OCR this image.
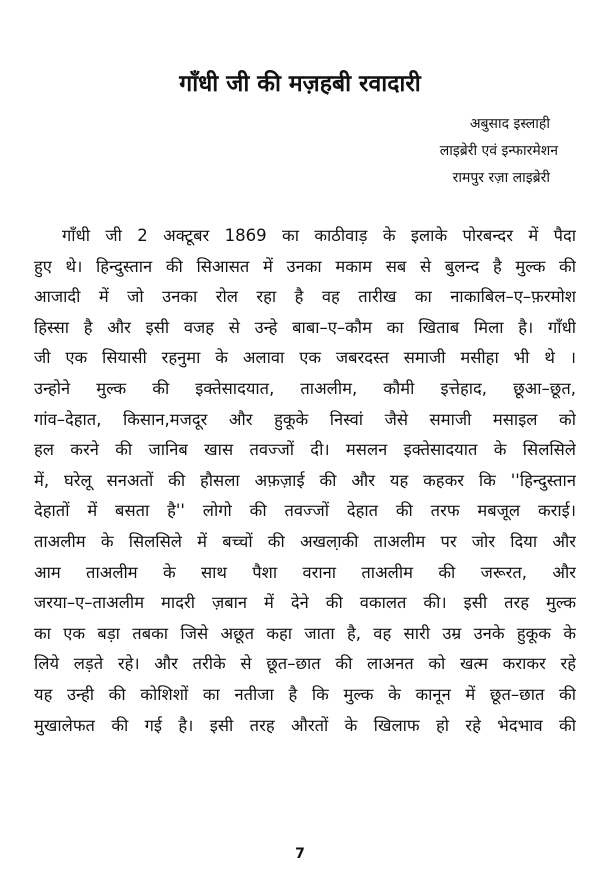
गाँधी जी की मज़हबी रवादारी
अबुसाद इस्लाही
लाइब्रेरी एवं इन्फारमेशन
रामपुर रज़ा लाइब्रेरी
गाँधी जी 2 अक्टूबर 1869 का काठीवाड़ के इलाके पोरबन्दर में पैदा
हुए थे। हिन्दुस्तान की सिआसत में उनका मकाम सब से बुलन्द है मुल्क की
आजादी में जो उनका रोल रहा है वह तारीख का नाकाबिल–ए–फ़रमोश
हिस्सा है और इसी वजह से उन्हे बाबा–ए–कौम का खिताब मिला है। गाँधी
जी एक सियासी रहनुमा के अलावा एक जबरदस्त समाजी मसीहा भी थे ।
उन्होने मुल्क की इक्तेसादयात, ताअलीम, कौमी इत्तेहाद, छूआ–छूत,
गांव–देहात, किसान,मजदूर और हुकूके निस्वां जैसे समाजी मसाइल को
हल करने की जानिब खास तवज्जों दी। मसलन इक्तेसादयात के सिलसिले
में, घरेलू सनअतों की हौसला अफ़ज़ाई की और यह कहकर कि ''हिन्दुस्तान
देहातों में बसता है'' लोगो की तवज्जों देहात की तरफ मबजूल कराई।
ताअलीम के सिलसिले में बच्चों की अखला़की ताअलीम पर जोर दिया और
आम ताअलीम के साथ पैशा वराना ताअलीम की जरूरत, और
जरया–ए–ताअलीम मादरी ज़बान में देने की वकालत की। इसी तरह मुल्क
का एक बड़ा तबका जिसे अछूत कहा जाता है, वह सारी उम्र उनके हुकूक के
लिये लड़ते रहे। और तरीके से छूत–छात की लाअनत को खत्म कराकर रहे
यह उन्ही की कोशिशों का नतीजा है कि मुल्क के कानून में छूत–छात की
मुखालेफत की गई है। इसी तरह औरतों के खिलाफ हो रहे भेदभाव की
7
